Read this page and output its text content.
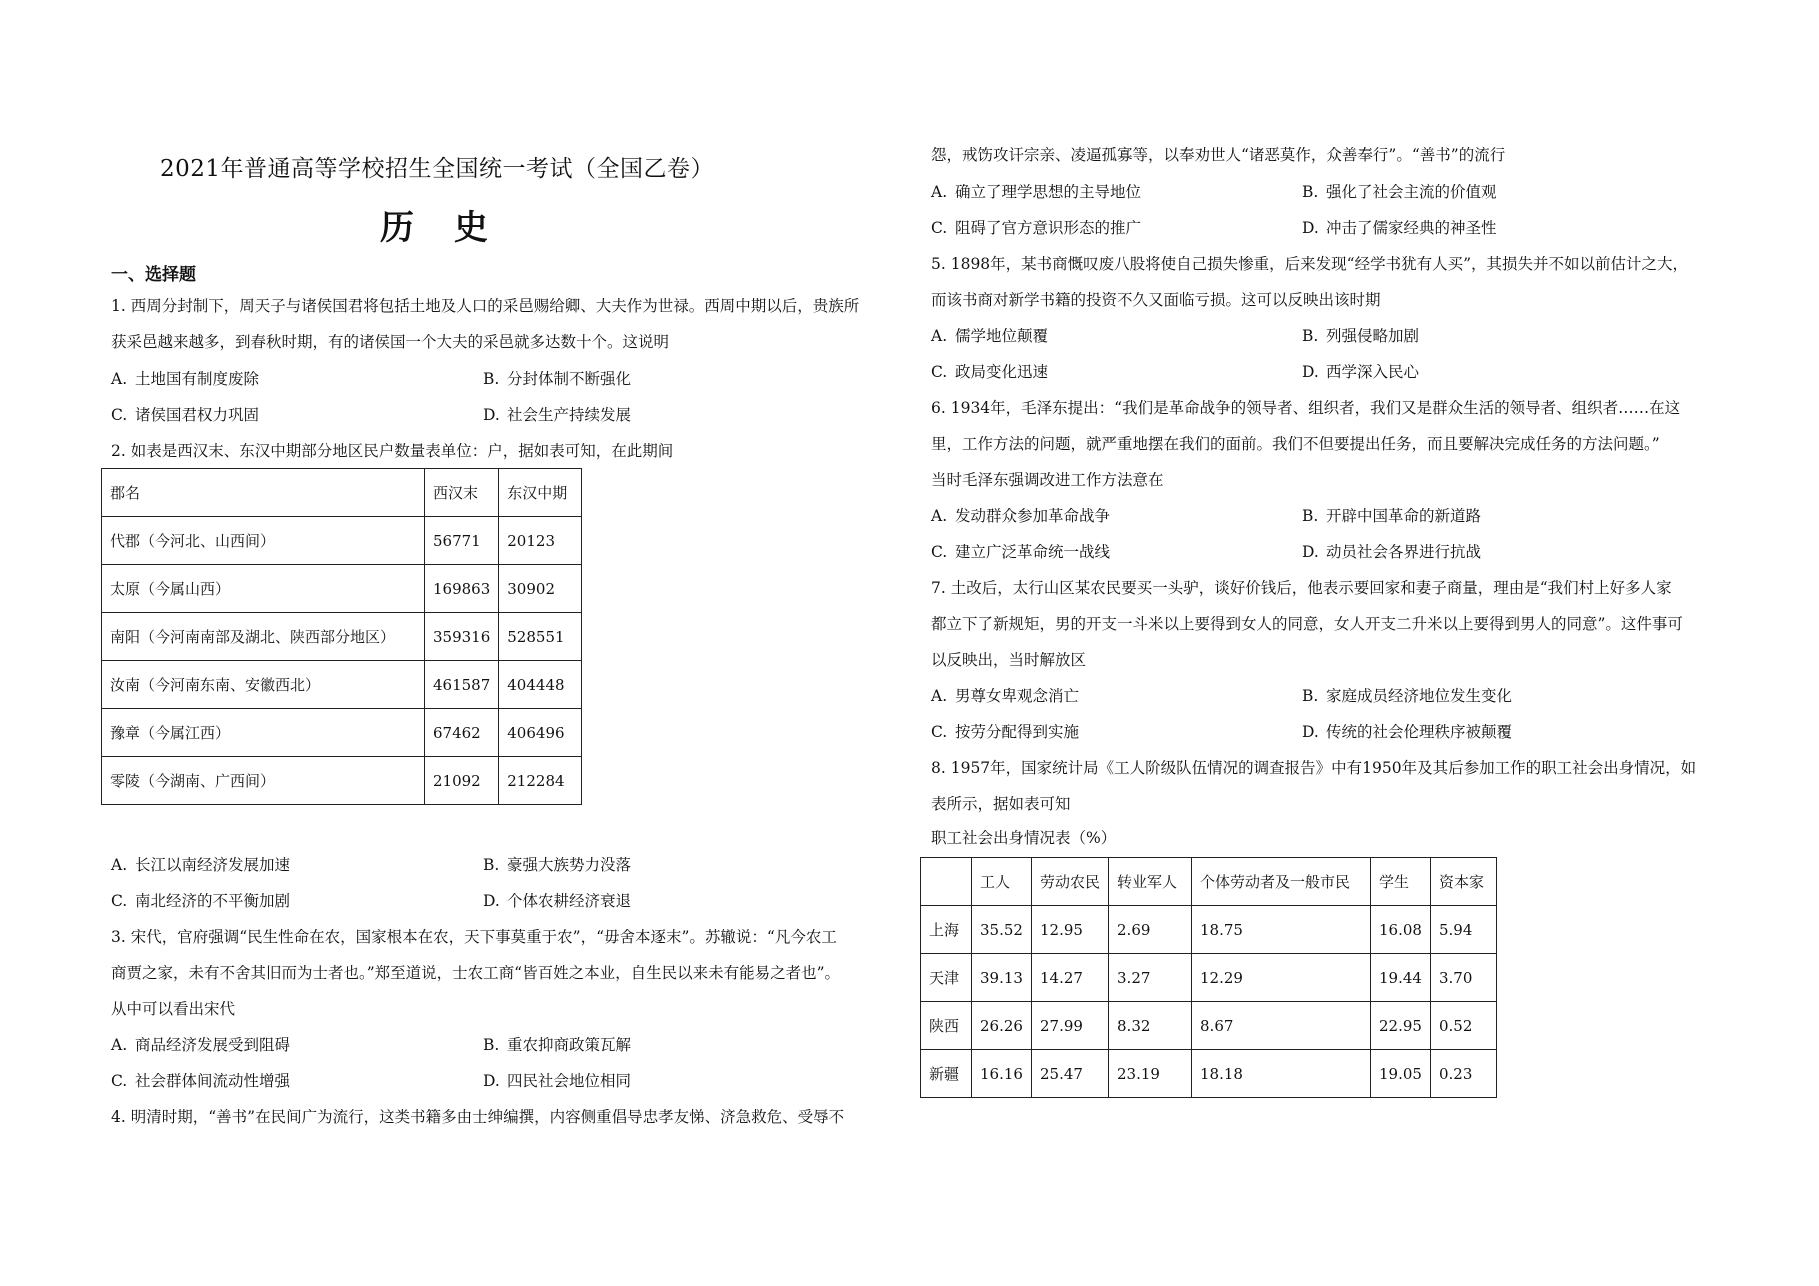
2021年普通高等学校招生全国统一考试（全国乙卷）
历 史
一、选择题
1. 西周分封制下，周天子与诸侯国君将包括土地及人口的采邑赐给卿、大夫作为世禄。西周中期以后，贵族所
获采邑越来越多，到春秋时期，有的诸侯国一个大夫的采邑就多达数十个。这说明
A. 土地国有制度废除	B. 分封体制不断强化
C. 诸侯国君权力巩固	D. 社会生产持续发展
2. 如表是西汉末、东汉中期部分地区民户数量表单位：户，据如表可知，在此期间
郡名	西汉末	东汉中期
代郡（今河北、山西间）	56771	20123
太原（今属山西）	169863	30902
南阳（今河南南部及湖北、陕西部分地区）	359316	528551
汝南（今河南东南、安徽西北）	461587	404448
豫章（今属江西）	67462	406496
零陵（今湖南、广西间）	21092	212284
A. 长江以南经济发展加速	B. 豪强大族势力没落
C. 南北经济的不平衡加剧	D. 个体农耕经济衰退
3. 宋代，官府强调“民生性命在农，国家根本在农，天下事莫重于农”，“毋舍本逐末”。苏辙说：“凡今农工
商贾之家，未有不舍其旧而为士者也。”郑至道说，士农工商“皆百姓之本业，自生民以来未有能易之者也”。
从中可以看出宋代
A. 商品经济发展受到阻碍	B. 重农抑商政策瓦解
C. 社会群体间流动性增强	D. 四民社会地位相同
4. 明清时期，“善书”在民间广为流行，这类书籍多由士绅编撰，内容侧重倡导忠孝友悌、济急救危、受辱不
怨，戒饬攻讦宗亲、凌逼孤寡等，以奉劝世人“诸恶莫作，众善奉行”。“善书”的流行
A. 确立了理学思想的主导地位	B. 强化了社会主流的价值观
C. 阻碍了官方意识形态的推广	D. 冲击了儒家经典的神圣性
5. 1898年，某书商慨叹废八股将使自己损失惨重，后来发现“经学书犹有人买”，其损失并不如以前估计之大，
而该书商对新学书籍的投资不久又面临亏损。这可以反映出该时期
A. 儒学地位颠覆	B. 列强侵略加剧
C. 政局变化迅速	D. 西学深入民心
6. 1934年，毛泽东提出：“我们是革命战争的领导者、组织者，我们又是群众生活的领导者、组织者……在这
里，工作方法的问题，就严重地摆在我们的面前。我们不但要提出任务，而且要解决完成任务的方法问题。”
当时毛泽东强调改进工作方法意在
A. 发动群众参加革命战争	B. 开辟中国革命的新道路
C. 建立广泛革命统一战线	D. 动员社会各界进行抗战
7. 土改后，太行山区某农民要买一头驴，谈好价钱后，他表示要回家和妻子商量，理由是“我们村上好多人家
都立下了新规矩，男的开支一斗米以上要得到女人的同意，女人开支二升米以上要得到男人的同意”。这件事可
以反映出，当时解放区
A. 男尊女卑观念消亡	B. 家庭成员经济地位发生变化
C. 按劳分配得到实施	D. 传统的社会伦理秩序被颠覆
8. 1957年，国家统计局《工人阶级队伍情况的调查报告》中有1950年及其后参加工作的职工社会出身情况，如
表所示，据如表可知
职工社会出身情况表（%）
	工人	劳动农民	转业军人	个体劳动者及一般市民	学生	资本家
上海	35.52	12.95	2.69	18.75	16.08	5.94
天津	39.13	14.27	3.27	12.29	19.44	3.70
陕西	26.26	27.99	8.32	8.67	22.95	0.52
新疆	16.16	25.47	23.19	18.18	19.05	0.23
